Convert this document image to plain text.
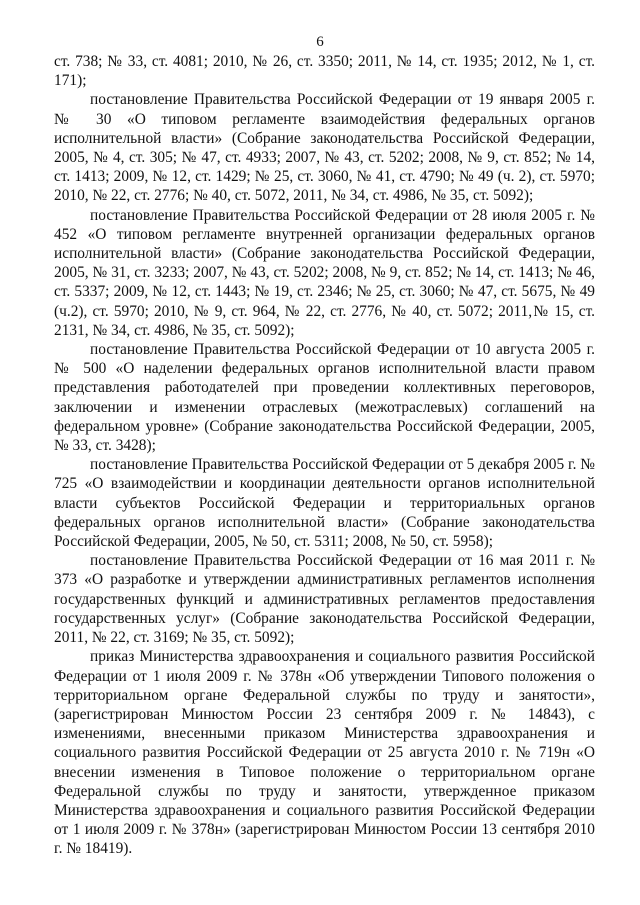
6

ст. 738; № 33, ст. 4081; 2010, № 26, ст. 3350; 2011, № 14, ст. 1935; 2012, № 1, ст. 171);

постановление Правительства Российской Федерации от 19 января 2005 г. № 30 «О типовом регламенте взаимодействия федеральных органов исполнительной власти» (Собрание законодательства Российской Федерации, 2005, № 4, ст. 305; № 47, ст. 4933; 2007, № 43, ст. 5202; 2008, № 9, ст. 852; № 14, ст. 1413; 2009, № 12, ст. 1429; № 25, ст. 3060, № 41, ст. 4790; № 49 (ч. 2), ст. 5970; 2010, № 22, ст. 2776; № 40, ст. 5072, 2011, № 34, ст. 4986, № 35, ст. 5092);

постановление Правительства Российской Федерации от 28 июля 2005 г. № 452 «О типовом регламенте внутренней организации федеральных органов исполнительной власти» (Собрание законодательства Российской Федерации, 2005, № 31, ст. 3233; 2007, № 43, ст. 5202; 2008, № 9, ст. 852; № 14, ст. 1413; № 46, ст. 5337; 2009, № 12, ст. 1443; № 19, ст. 2346; № 25, ст. 3060; № 47, ст. 5675, № 49 (ч.2), ст. 5970; 2010, № 9, ст. 964, № 22, ст. 2776, № 40, ст. 5072; 2011,№ 15, ст. 2131, № 34, ст. 4986, № 35, ст. 5092);

постановление Правительства Российской Федерации от 10 августа 2005 г. № 500 «О наделении федеральных органов исполнительной власти правом представления работодателей при проведении коллективных переговоров, заключении и изменении отраслевых (межотраслевых) соглашений на федеральном уровне» (Собрание законодательства Российской Федерации, 2005, № 33, ст. 3428);

постановление Правительства Российской Федерации от 5 декабря 2005 г. № 725 «О взаимодействии и координации деятельности органов исполнительной власти субъектов Российской Федерации и территориальных органов федеральных органов исполнительной власти» (Собрание законодательства Российской Федерации, 2005, № 50, ст. 5311; 2008, № 50, ст. 5958);

постановление Правительства Российской Федерации от 16 мая 2011 г. № 373 «О разработке и утверждении административных регламентов исполнения государственных функций и административных регламентов предоставления государственных услуг» (Собрание законодательства Российской Федерации, 2011, № 22, ст. 3169; № 35, ст. 5092);

приказ Министерства здравоохранения и социального развития Российской Федерации от 1 июля 2009 г. № 378н «Об утверждении Типового положения о территориальном органе Федеральной службы по труду и занятости», (зарегистрирован Минюстом России 23 сентября 2009 г. № 14843), с изменениями, внесенными приказом Министерства здравоохранения и социального развития Российской Федерации от 25 августа 2010 г. № 719н «О внесении изменения в Типовое положение о территориальном органе Федеральной службы по труду и занятости, утвержденное приказом Министерства здравоохранения и социального развития Российской Федерации от 1 июля 2009 г. № 378н» (зарегистрирован Минюстом России 13 сентября 2010 г. № 18419).
